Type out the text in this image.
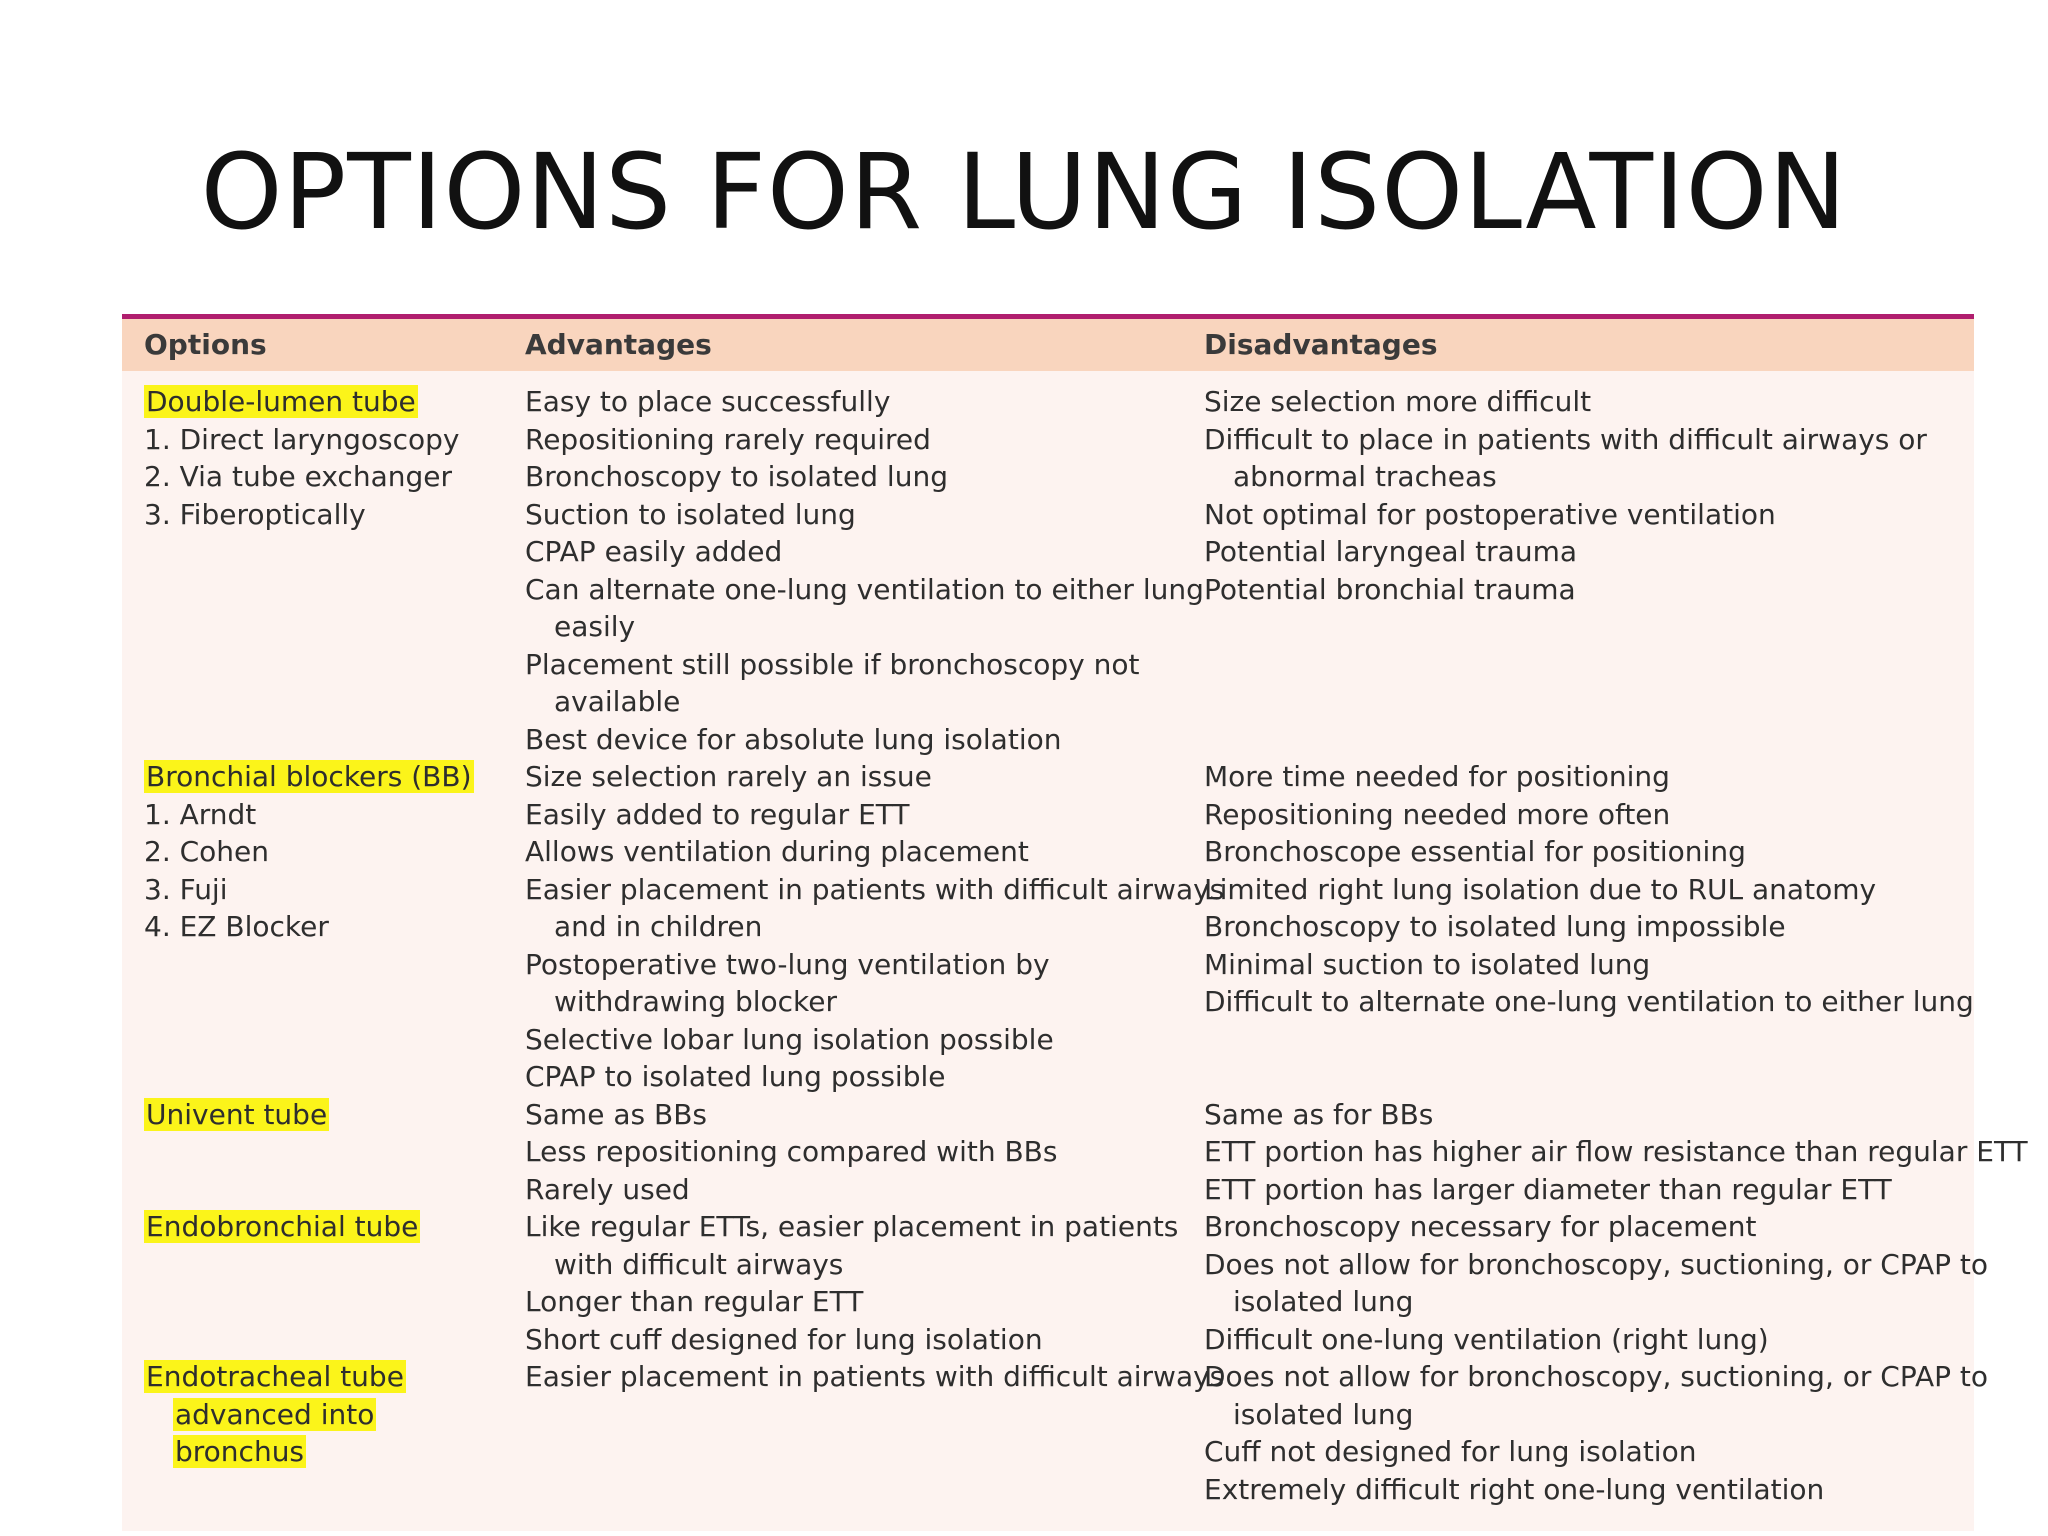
OPTIONS FOR LUNG ISOLATION
Options	Advantages	Disadvantages
Double-lumen tube
1. Direct laryngoscopy
2. Via tube exchanger
3. Fiberoptically
Bronchial blockers (BB)
1. Arndt
2. Cohen
3. Fuji
4. EZ Blocker
Univent tube
Endobronchial tube
Endotracheal tube
advanced into
bronchus
Easy to place successfully
Repositioning rarely required
Bronchoscopy to isolated lung
Suction to isolated lung
CPAP easily added
Can alternate one-lung ventilation to either lung
easily
Placement still possible if bronchoscopy not
available
Best device for absolute lung isolation
Size selection rarely an issue
Easily added to regular ETT
Allows ventilation during placement
Easier placement in patients with difficult airways
and in children
Postoperative two-lung ventilation by
withdrawing blocker
Selective lobar lung isolation possible
CPAP to isolated lung possible
Same as BBs
Less repositioning compared with BBs
Rarely used
Like regular ETTs, easier placement in patients
with difficult airways
Longer than regular ETT
Short cuff designed for lung isolation
Easier placement in patients with difficult airways
Size selection more difficult
Difficult to place in patients with difficult airways or
abnormal tracheas
Not optimal for postoperative ventilation
Potential laryngeal trauma
Potential bronchial trauma
More time needed for positioning
Repositioning needed more often
Bronchoscope essential for positioning
Limited right lung isolation due to RUL anatomy
Bronchoscopy to isolated lung impossible
Minimal suction to isolated lung
Difficult to alternate one-lung ventilation to either lung
Same as for BBs
ETT portion has higher air flow resistance than regular ETT
ETT portion has larger diameter than regular ETT
Bronchoscopy necessary for placement
Does not allow for bronchoscopy, suctioning, or CPAP to
isolated lung
Difficult one-lung ventilation (right lung)
Does not allow for bronchoscopy, suctioning, or CPAP to
isolated lung
Cuff not designed for lung isolation
Extremely difficult right one-lung ventilation
